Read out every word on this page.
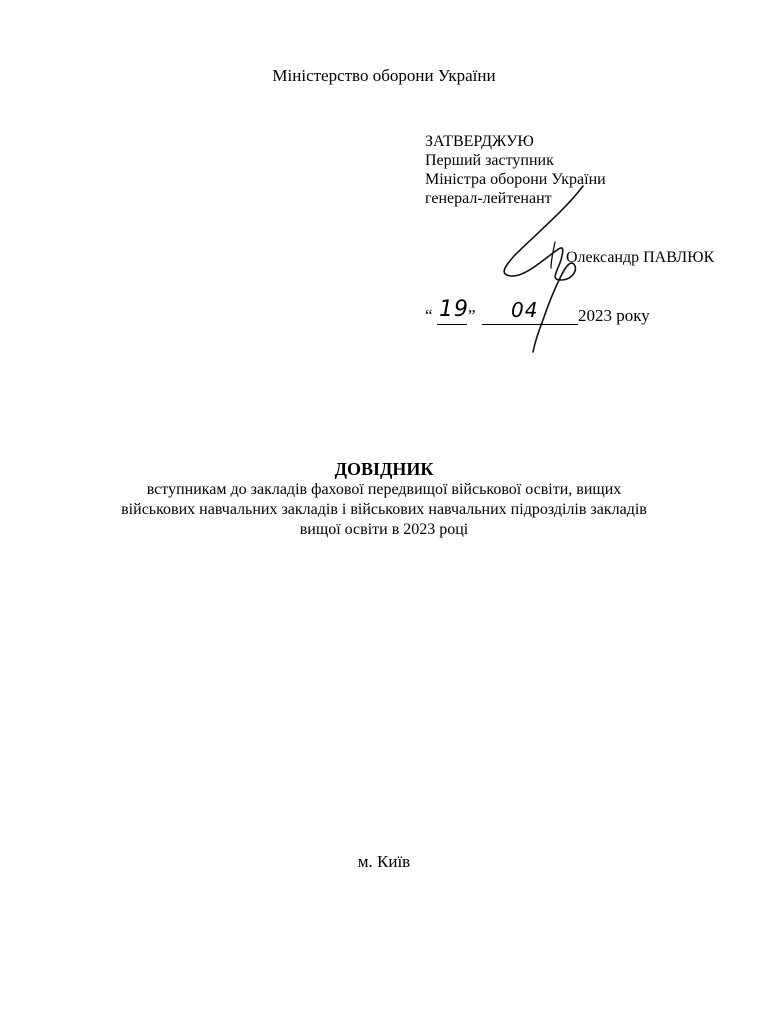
Міністерство оборони України
ЗАТВЕРДЖУЮ
Перший заступник
Міністра оборони України
генерал-лейтенант
Олександр ПАВЛЮК
“ 19 ” 04 2023 року
ДОВІДНИК
вступникам до закладів фахової передвищої військової освіти, вищих
військових навчальних закладів і військових навчальних підрозділів закладів
вищої освіти в 2023 році
м. Київ
